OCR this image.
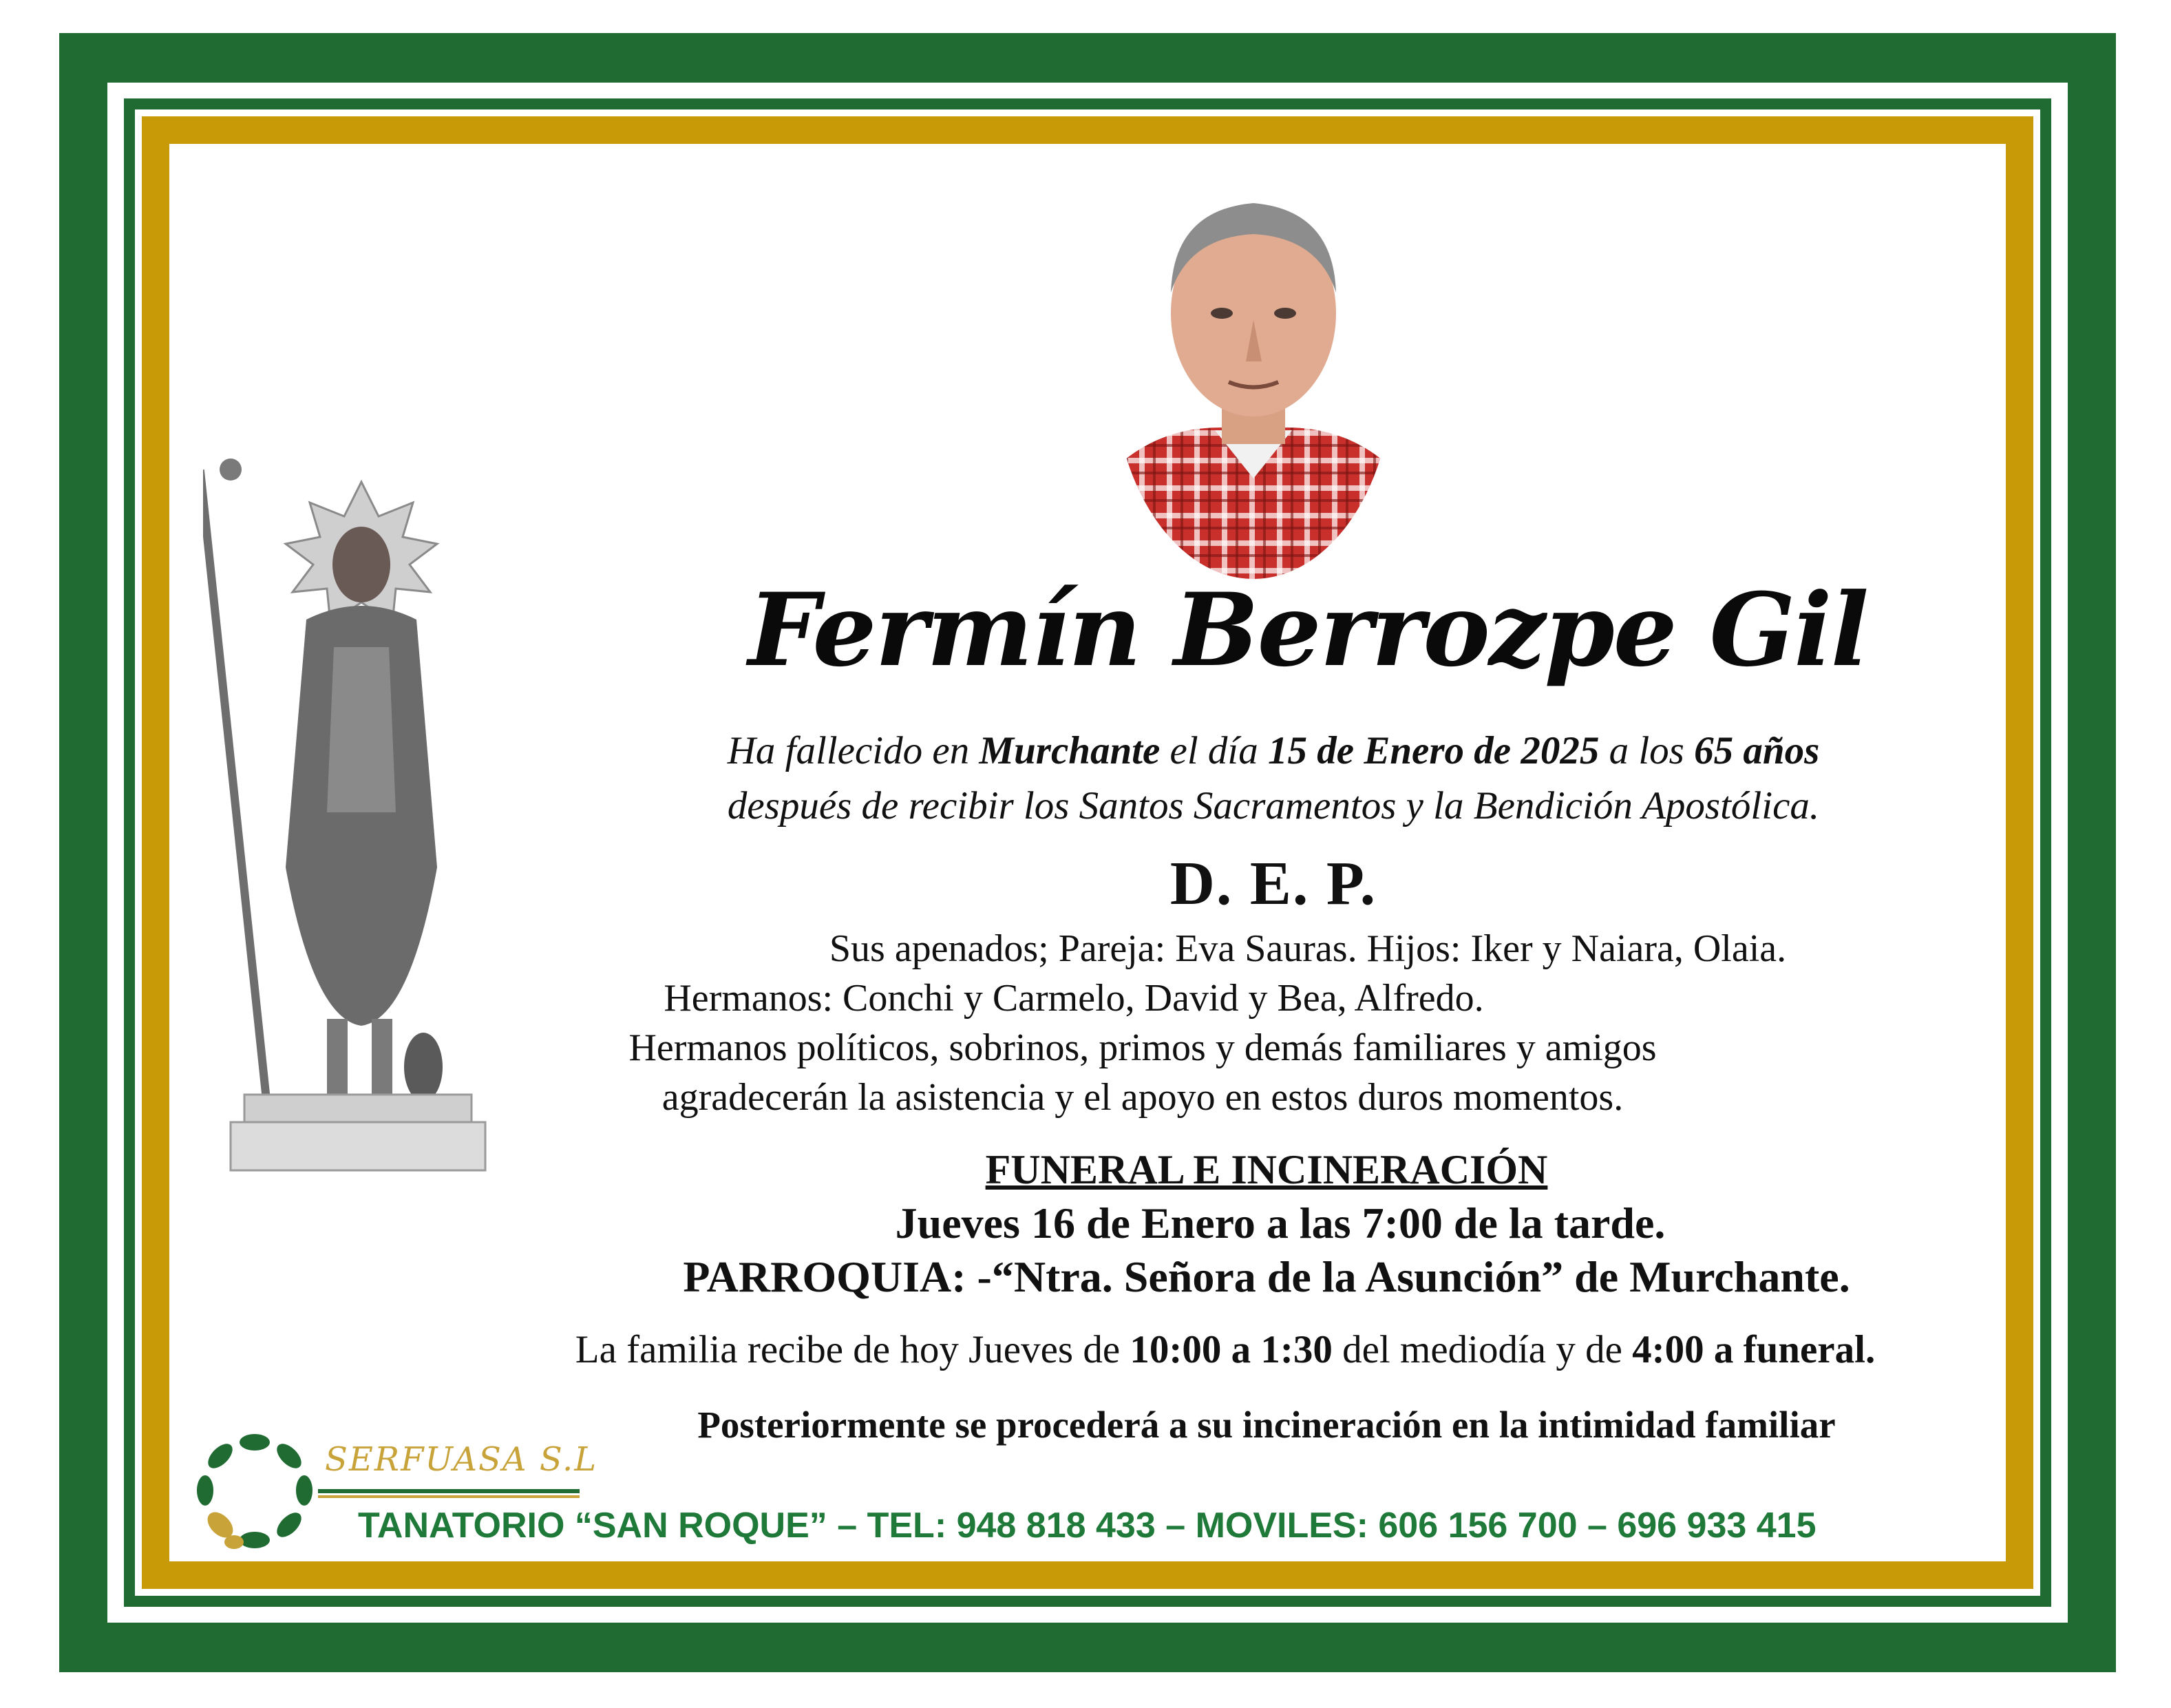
Fermín Berrozpe Gil
Ha fallecido en Murchante el día 15 de Enero de 2025 a los 65 años
después de recibir los Santos Sacramentos y la Bendición Apostólica.
D. E. P.
Sus apenados; Pareja: Eva Sauras. Hijos: Iker y Naiara, Olaia.
Hermanos: Conchi y Carmelo, David y Bea, Alfredo.
Hermanos políticos, sobrinos, primos y demás familiares y amigos
agradecerán la asistencia y el apoyo en estos duros momentos.
FUNERAL E INCINERACIÓN
Jueves 16 de Enero a las 7:00 de la tarde.
PARROQUIA: -“Ntra. Señora de la Asunción” de Murchante.
La familia recibe de hoy Jueves de 10:00 a 1:30 del mediodía y de 4:00 a funeral.
Posteriormente se procederá a su incineración en la intimidad familiar
SERFUASA S.L
TANATORIO “SAN ROQUE” – TEL: 948 818 433 – MOVILES: 606 156 700 – 696 933 415
